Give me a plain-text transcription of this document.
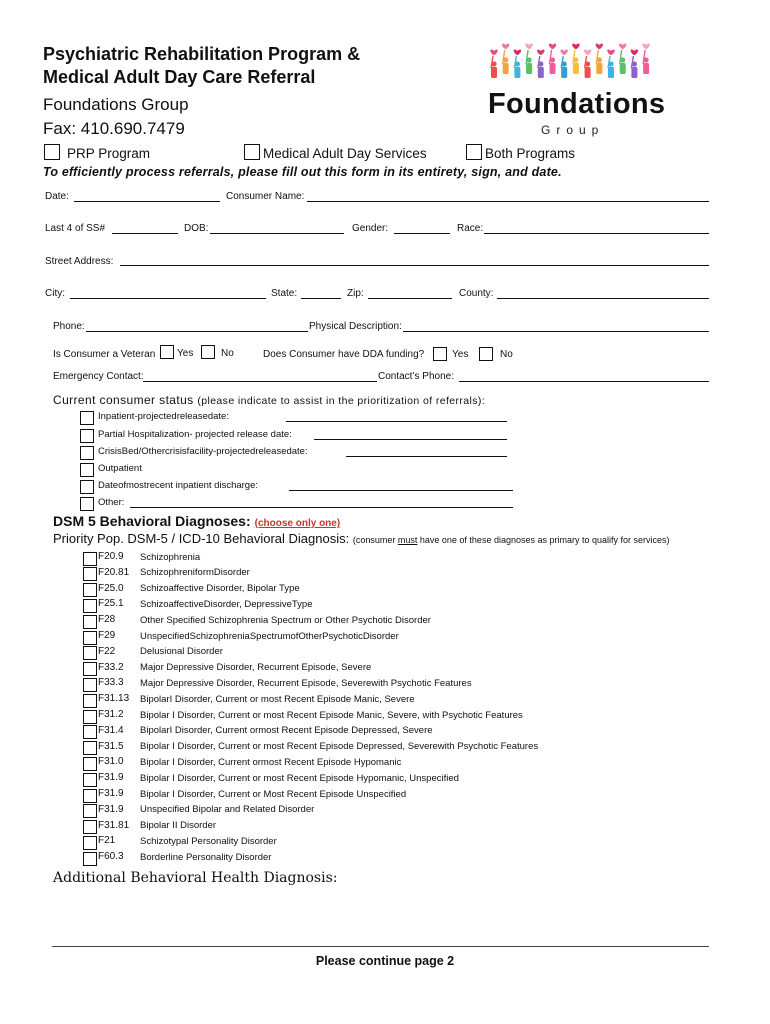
Psychiatric Rehabilitation Program &
Medical Adult Day Care Referral
Foundations Group
Fax: 410.690.7479
Foundations
Group
PRP Program	Medical Adult Day Services	Both Programs
To efficiently process referrals, please fill out this form in its entirety, sign, and date.
Date:	Consumer Name:
Last 4 of SS#	DOB:	Gender:	Race:
Street Address:
City:	State:	Zip:	County:
Phone:	Physical Description:
Is Consumer a Veteran Yes	No	Does Consumer have DDA funding?	Yes	No
Emergency Contact:	Contact’s Phone:
Current consumer status (please indicate to assist in the prioritization of referrals):
Inpatient-projectedreleasedate:
Partial Hospitalization- projected release date:
CrisisBed/Othercrisisfacility-projectedreleasedate:
Outpatient
Dateofmostrecent inpatient discharge:
Other:
DSM 5 Behavioral Diagnoses: (choose only one)
Priority Pop. DSM-5 / ICD-10 Behavioral Diagnosis: (consumer must have one of these diagnoses as primary to qualify for services)
F20.9 Schizophrenia
F20.81 SchizophreniformDisorder
F25.0 Schizoaffective Disorder, Bipolar Type
F25.1 SchizoaffectiveDisorder, DepressiveType
F28	Other Specified Schizophrenia Spectrum or Other Psychotic Disorder
F29	UnspecifiedSchizophreniaSpectrumofOtherPsychoticDisorder
F22	Delusional Disorder
F33.2 Major Depressive Disorder, Recurrent Episode, Severe
F33.3 Major Depressive Disorder, Recurrent Episode, Severewith Psychotic Features
F31.13 BipolarI Disorder, Current or most Recent Episode Manic, Severe
F31.2 Bipolar I Disorder, Current or most Recent Episode Manic, Severe, with Psychotic Features
F31.4 BipolarI Disorder, Current ormost Recent Episode Depressed, Severe
F31.5 Bipolar I Disorder, Current or most Recent Episode Depressed, Severewith Psychotic Features
F31.0 Bipolar I Disorder, Current ormost Recent Episode Hypomanic
F31.9 Bipolar I Disorder, Current or most Recent Episode Hypomanic, Unspecified
F31.9 Bipolar I Disorder, Current or Most Recent Episode Unspecified
F31.9 Unspecified Bipolar and Related Disorder
F31.81 Bipolar II Disorder
F21	Schizotypal Personality Disorder
F60.3 Borderline Personality Disorder
Additional Behavioral Health Diagnosis:
Please continue page 2
